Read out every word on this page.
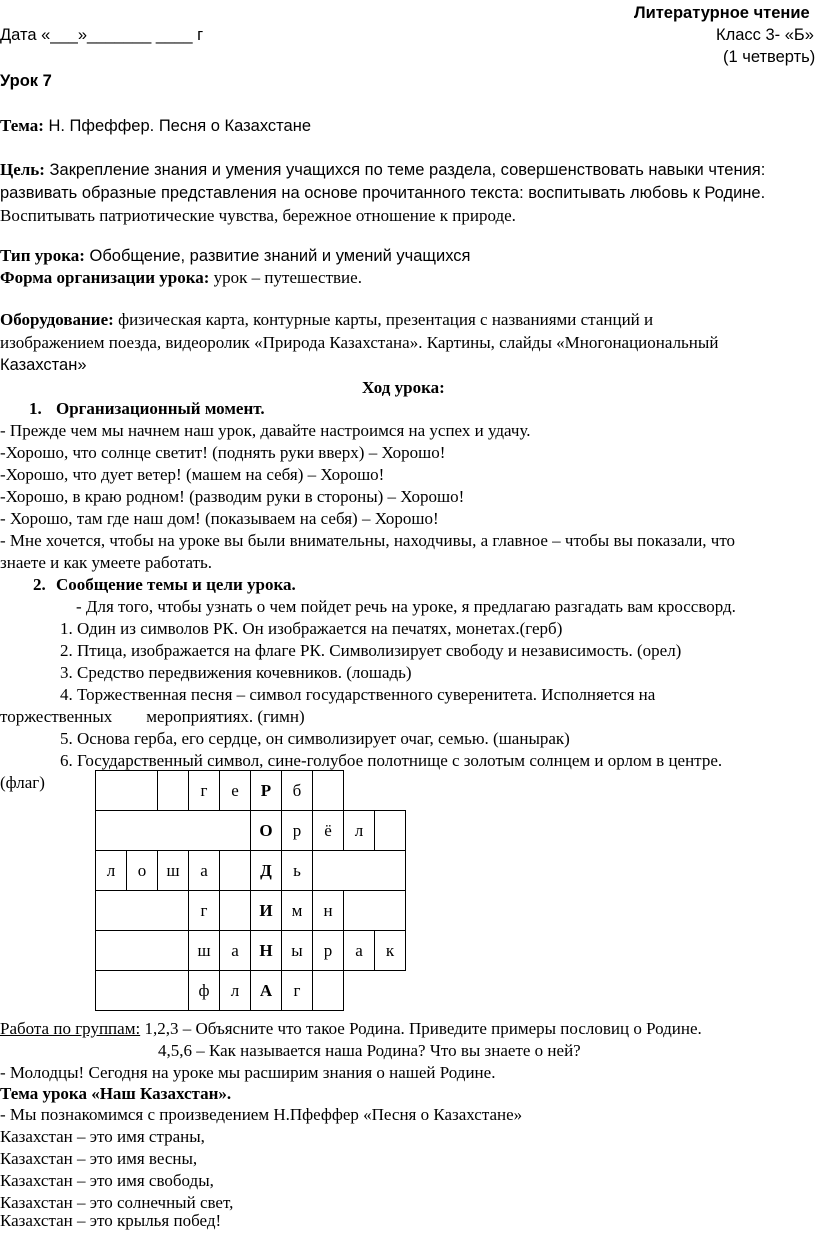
Литературное чтение
Дата «___»_______ ____ г	Класс 3- «Б»
(1 четверть)
Урок 7
Тема: Н. Пфеффер. Песня о Казахстане
Цель: Закрепление знания и умения учащихся по теме раздела, совершенствовать навыки чтения:
развивать образные представления на основе прочитанного текста: воспитывать любовь к Родине.
Воспитывать патриотические чувства, бережное отношение к природе.
Тип урока: Обобщение, развитие знаний и умений учащихся
Форма организации урока: урок – путешествие.
Оборудование: физическая карта, контурные карты, презентация с названиями станций и
изображением поезда, видеоролик «Природа Казахстана». Картины, слайды «Многонациональный
Казахстан»
Ход урока:
1. Организационный момент.
- Прежде чем мы начнем наш урок, давайте настроимся на успех и удачу.
-Хорошо, что солнце светит! (поднять руки вверх) – Хорошо!
-Хорошо, что дует ветер! (машем на себя) – Хорошо!
-Хорошо, в краю родном! (разводим руки в стороны) – Хорошо!
- Хорошо, там где наш дом! (показываем на себя) – Хорошо!
- Мне хочется, чтобы на уроке вы были внимательны, находчивы, а главное – чтобы вы показали, что
знаете и как умеете работать.
2. Сообщение темы и цели урока.
- Для того, чтобы узнать о чем пойдет речь на уроке, я предлагаю разгадать вам кроссворд.
1. Один из символов РК. Он изображается на печатях, монетах.(герб)
2. Птица, изображается на флаге РК. Символизирует свободу и независимость. (орел)
3. Средство передвижения кочевников. (лошадь)
4. Торжественная песня – символ государственного суверенитета. Исполняется на
торжественных        мероприятиях. (гимн)
5. Основа герба, его сердце, он символизирует очаг, семью. (шанырак)
6. Государственный символ, сине-голубое полотнище с золотым солнцем и орлом в центре.
(флаг)
			г	е	Р	б			
					О	р	ё	л	
л	о	ш	а		Д	ь			
			г		И	м	н		
			ш	а	Н	ы	р	а	к
			ф	л	А	г			
Работа по группам: 1,2,3 – Объясните что такое Родина. Приведите примеры пословиц о Родине.
4,5,6 – Как называется наша Родина? Что вы знаете о ней?
- Молодцы! Сегодня на уроке мы расширим знания о нашей Родине.
Тема урока «Наш Казахстан».
- Мы познакомимся с произведением Н.Пфеффер «Песня о Казахстане»
Казахстан – это имя страны,
Казахстан – это имя весны,
Казахстан – это имя свободы,
Казахстан – это солнечный свет,
Казахстан – это крылья побед!
